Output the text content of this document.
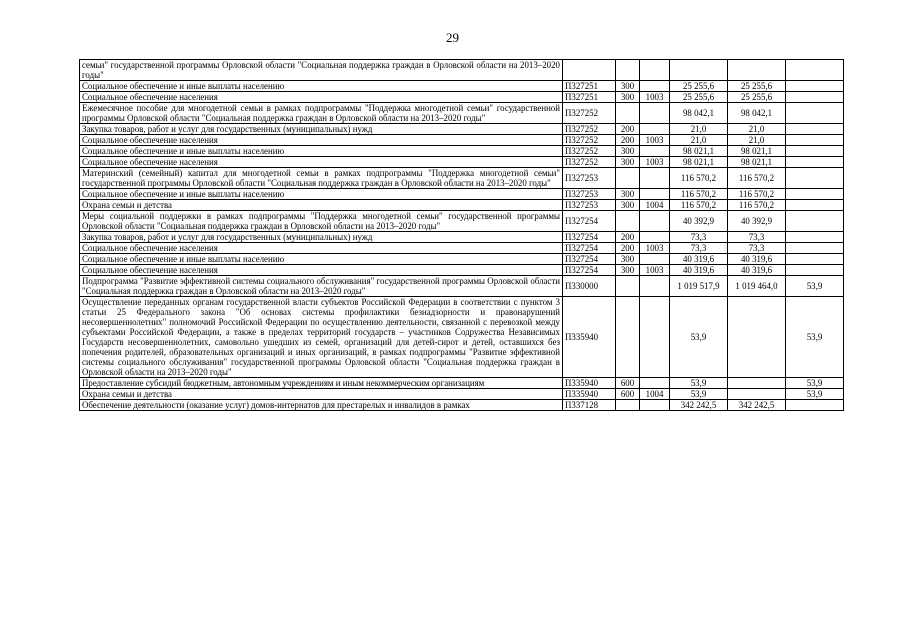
29
семьи" государственной программы Орловской области "Социальная поддержка граждан в Орловской области на 2013–2020 годы"						
Социальное обеспечение и иные выплаты населению	П327251	300		25 255,6	25 255,6	
Социальное обеспечение населения	П327251	300	1003	25 255,6	25 255,6	
Ежемесячное пособие для многодетной семьи в рамках подпрограммы "Поддержка многодетной семьи" государственной программы Орловской области "Социальная поддержка граждан в Орловской области на 2013–2020 годы"	П327252			98 042,1	98 042,1	
Закупка товаров, работ и услуг для государственных (муниципальных) нужд	П327252	200		21,0	21,0	
Социальное обеспечение населения	П327252	200	1003	21,0	21,0	
Социальное обеспечение и иные выплаты населению	П327252	300		98 021,1	98 021,1	
Социальное обеспечение населения	П327252	300	1003	98 021,1	98 021,1	
Материнский (семейный) капитал для многодетной семьи в рамках подпрограммы "Поддержка многодетной семьи" государственной программы Орловской области "Социальная поддержка граждан в Орловской области на 2013–2020 годы"	П327253			116 570,2	116 570,2	
Социальное обеспечение и иные выплаты населению	П327253	300		116 570,2	116 570,2	
Охрана семьи и детства	П327253	300	1004	116 570,2	116 570,2	
Меры социальной поддержки в рамках подпрограммы "Поддержка многодетной семьи" государственной программы Орловской области "Социальная поддержка граждан в Орловской области на 2013–2020 годы"	П327254			40 392,9	40 392,9	
Закупка товаров, работ и услуг для государственных (муниципальных) нужд	П327254	200		73,3	73,3	
Социальное обеспечение населения	П327254	200	1003	73,3	73,3	
Социальное обеспечение и иные выплаты населению	П327254	300		40 319,6	40 319,6	
Социальное обеспечение населения	П327254	300	1003	40 319,6	40 319,6	
Подпрограмма "Развитие эффективной системы социального обслуживания" государственной программы Орловской области "Социальная поддержка граждан в Орловской области на 2013–2020 годы"	П330000			1 019 517,9	1 019 464,0	53,9
Осуществление переданных органам государственной власти субъектов Российской Федерации в соответствии с пунктом 3 статьи 25 Федерального закона "Об основах системы профилактики безнадзорности и правонарушений несовершеннолетних" полномочий Российской Федерации по осуществлению деятельности, связанной с перевозкой между субъектами Российской Федерации, а также в пределах территорий государств – участников Содружества Независимых Государств несовершеннолетних, самовольно ушедших из семей, организаций для детей-сирот и детей, оставшихся без попечения родителей, образовательных организаций и иных организаций, в рамках подпрограммы "Развитие эффективной системы социального обслуживания" государственной программы Орловской области "Социальная поддержка граждан в Орловской области на 2013–2020 годы"	П335940			53,9		53,9
Предоставление субсидий бюджетным, автономным учреждениям и иным некоммерческим организациям	П335940	600		53,9		53,9
Охрана семьи и детства	П335940	600	1004	53,9		53,9
Обеспечение деятельности (оказание услуг) домов-интернатов для престарелых и инвалидов в рамках	П337128			342 242,5	342 242,5	
